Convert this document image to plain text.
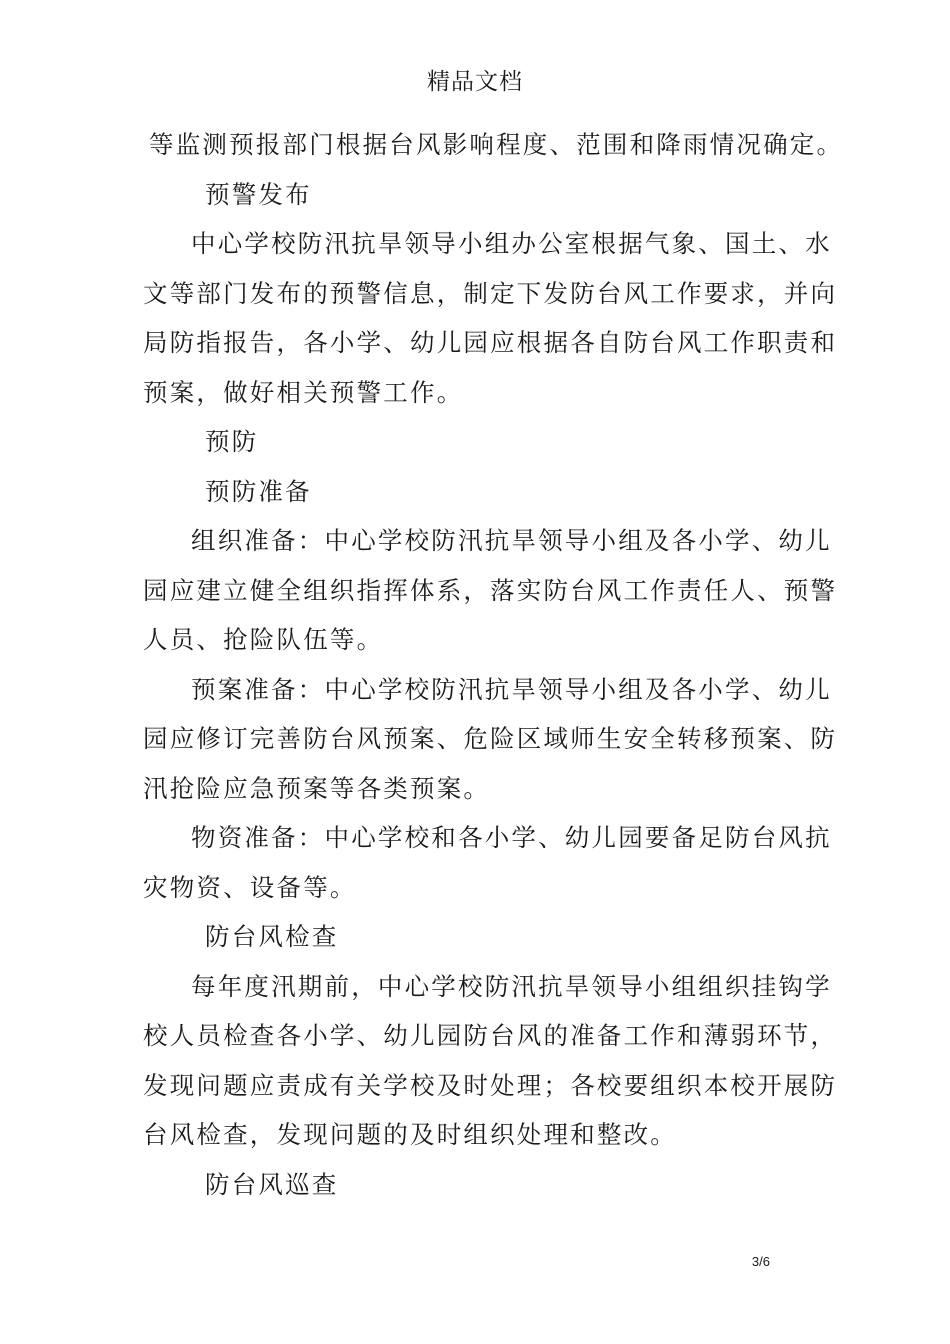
精品文档
等监测预报部门根据台风影响程度、范围和降雨情况确定。
预警发布
中心学校防汛抗旱领导小组办公室根据气象、国土、水
文等部门发布的预警信息，制定下发防台风工作要求，并向
局防指报告，各小学、幼儿园应根据各自防台风工作职责和
预案，做好相关预警工作。
预防
预防准备
组织准备：中心学校防汛抗旱领导小组及各小学、幼儿
园应建立健全组织指挥体系，落实防台风工作责任人、预警
人员、抢险队伍等。
预案准备：中心学校防汛抗旱领导小组及各小学、幼儿
园应修订完善防台风预案、危险区域师生安全转移预案、防
汛抢险应急预案等各类预案。
物资准备：中心学校和各小学、幼儿园要备足防台风抗
灾物资、设备等。
防台风检查
每年度汛期前，中心学校防汛抗旱领导小组组织挂钩学
校人员检查各小学、幼儿园防台风的准备工作和薄弱环节，
发现问题应责成有关学校及时处理；各校要组织本校开展防
台风检查，发现问题的及时组织处理和整改。
防台风巡查
3/6
